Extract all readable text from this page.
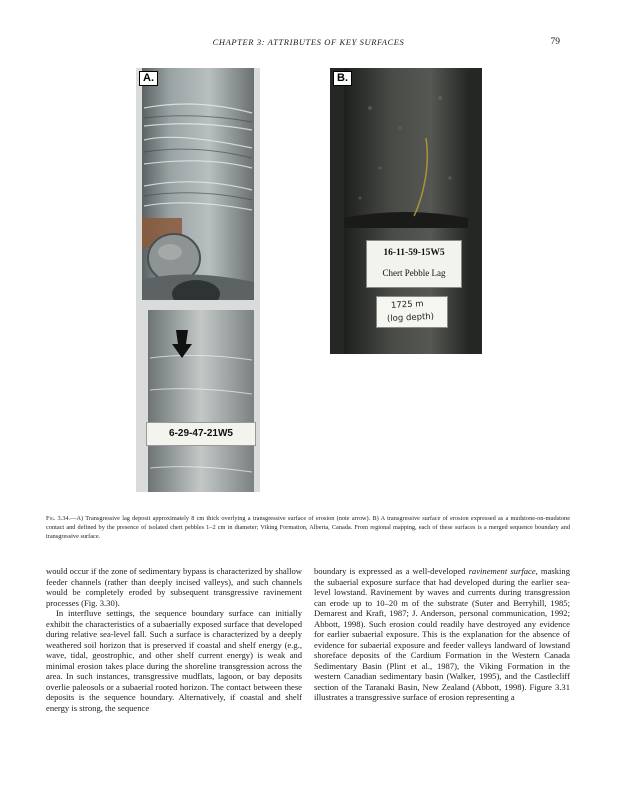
CHAPTER 3: ATTRIBUTES OF KEY SURFACES	79
A.
6-29-47-21W5
B.
16-11-59-15W5
Chert Pebble Lag
1725 m
(log depth)
Fig. 3.34.—A) Transgressive lag deposit approximately 8 cm thick overlying a transgressive surface of erosion (note arrow). B) A transgressive surface of erosion expressed as a mudstone-on-mudstone contact and defined by the presence of isolated chert pebbles 1–2 cm in diameter; Viking Formation, Alberta, Canada. From regional mapping, each of these surfaces is a merged sequence boundary and transgressive surface.

would occur if the zone of sedimentary bypass is characterized by shallow feeder channels (rather than deeply incised valleys), and such channels would be completely eroded by subsequent transgressive ravinement processes (Fig. 3.30).

In interfluve settings, the sequence boundary surface can initially exhibit the characteristics of a subaerially exposed surface that developed during relative sea-level fall. Such a surface is characterized by a deeply weathered soil horizon that is preserved if coastal and shelf energy (e.g., wave, tidal, geostrophic, and other shelf current energy) is weak and minimal erosion takes place during the shoreline transgression across the area. In such instances, transgressive mudflats, lagoon, or bay deposits overlie paleosols or a subaerial rooted horizon. The contact between these deposits is the sequence boundary. Alternatively, if coastal and shelf energy is strong, the sequence

boundary is expressed as a well-developed ravinement surface, masking the subaerial exposure surface that had developed during the earlier sea-level lowstand. Ravinement by waves and currents during transgression can erode up to 10–20 m of the substrate (Suter and Berryhill, 1985; Demarest and Kraft, 1987; J. Anderson, personal communication, 1992; Abbott, 1998). Such erosion could readily have destroyed any evidence for earlier subaerial exposure. This is the explanation for the absence of evidence for subaerial exposure and feeder valleys landward of lowstand shoreface deposits of the Cardium Formation in the Western Canada Sedimentary Basin (Plint et al., 1987), the Viking Formation in the western Canadian sedimentary basin (Walker, 1995), and the Castlecliff section of the Taranaki Basin, New Zealand (Abbott, 1998). Figure 3.31 illustrates a transgressive surface of erosion representing a
